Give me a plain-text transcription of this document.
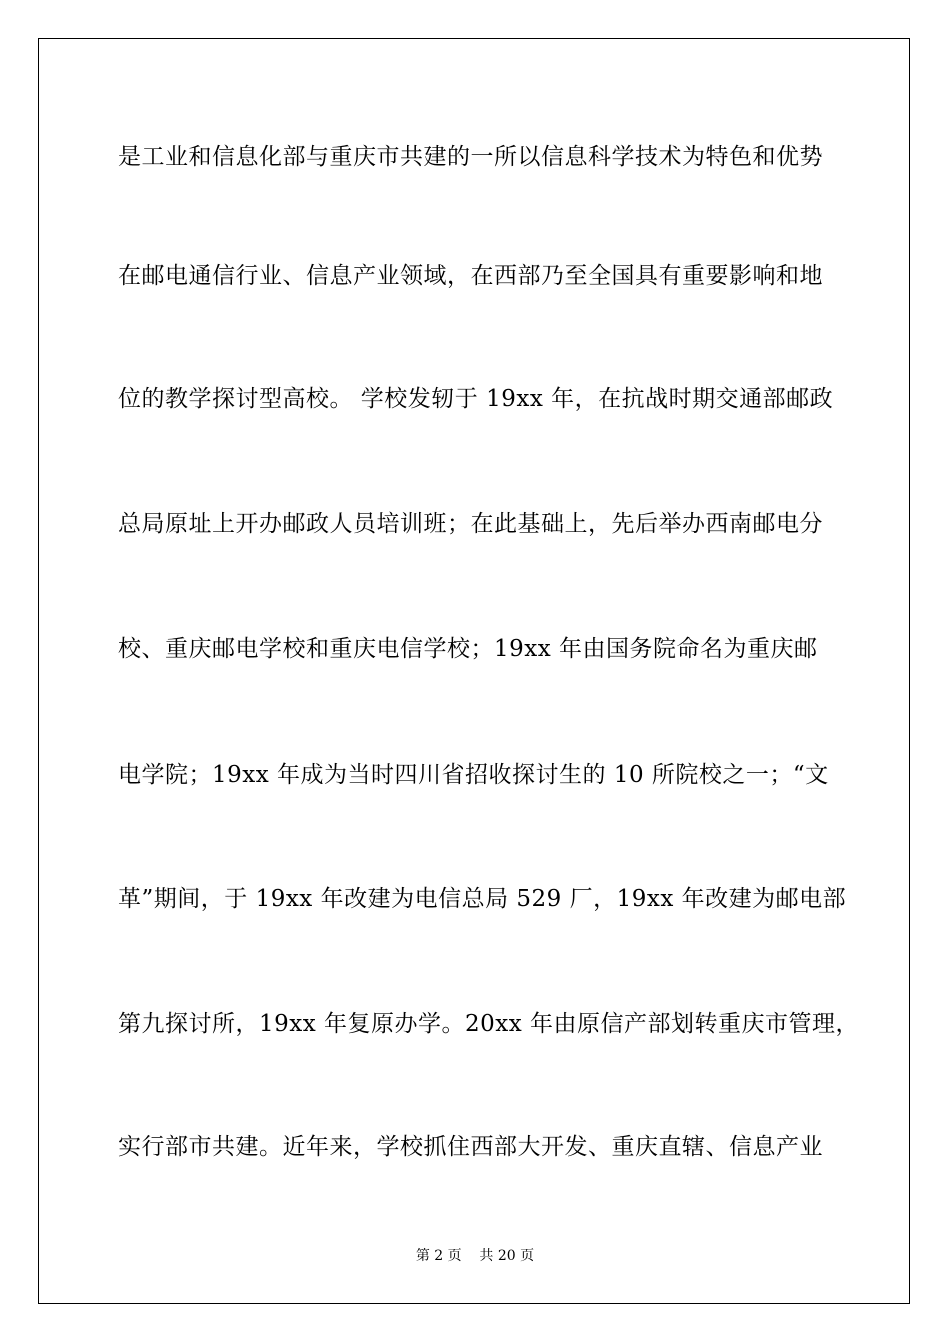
是工业和信息化部与重庆市共建的一所以信息科学技术为特色和优势
在邮电通信行业、信息产业领域，在西部乃至全国具有重要影响和地
位的教学探讨型高校。 学校发轫于 19xx 年，在抗战时期交通部邮政
总局原址上开办邮政人员培训班；在此基础上，先后举办西南邮电分
校、重庆邮电学校和重庆电信学校；19xx 年由国务院命名为重庆邮
电学院；19xx 年成为当时四川省招收探讨生的 10 所院校之一；“文
革”期间，于 19xx 年改建为电信总局 529 厂，19xx 年改建为邮电部
第九探讨所，19xx 年复原办学。20xx 年由原信产部划转重庆市管理，
实行部市共建。近年来，学校抓住西部大开发、重庆直辖、信息产业
第 2 页    共 20 页
